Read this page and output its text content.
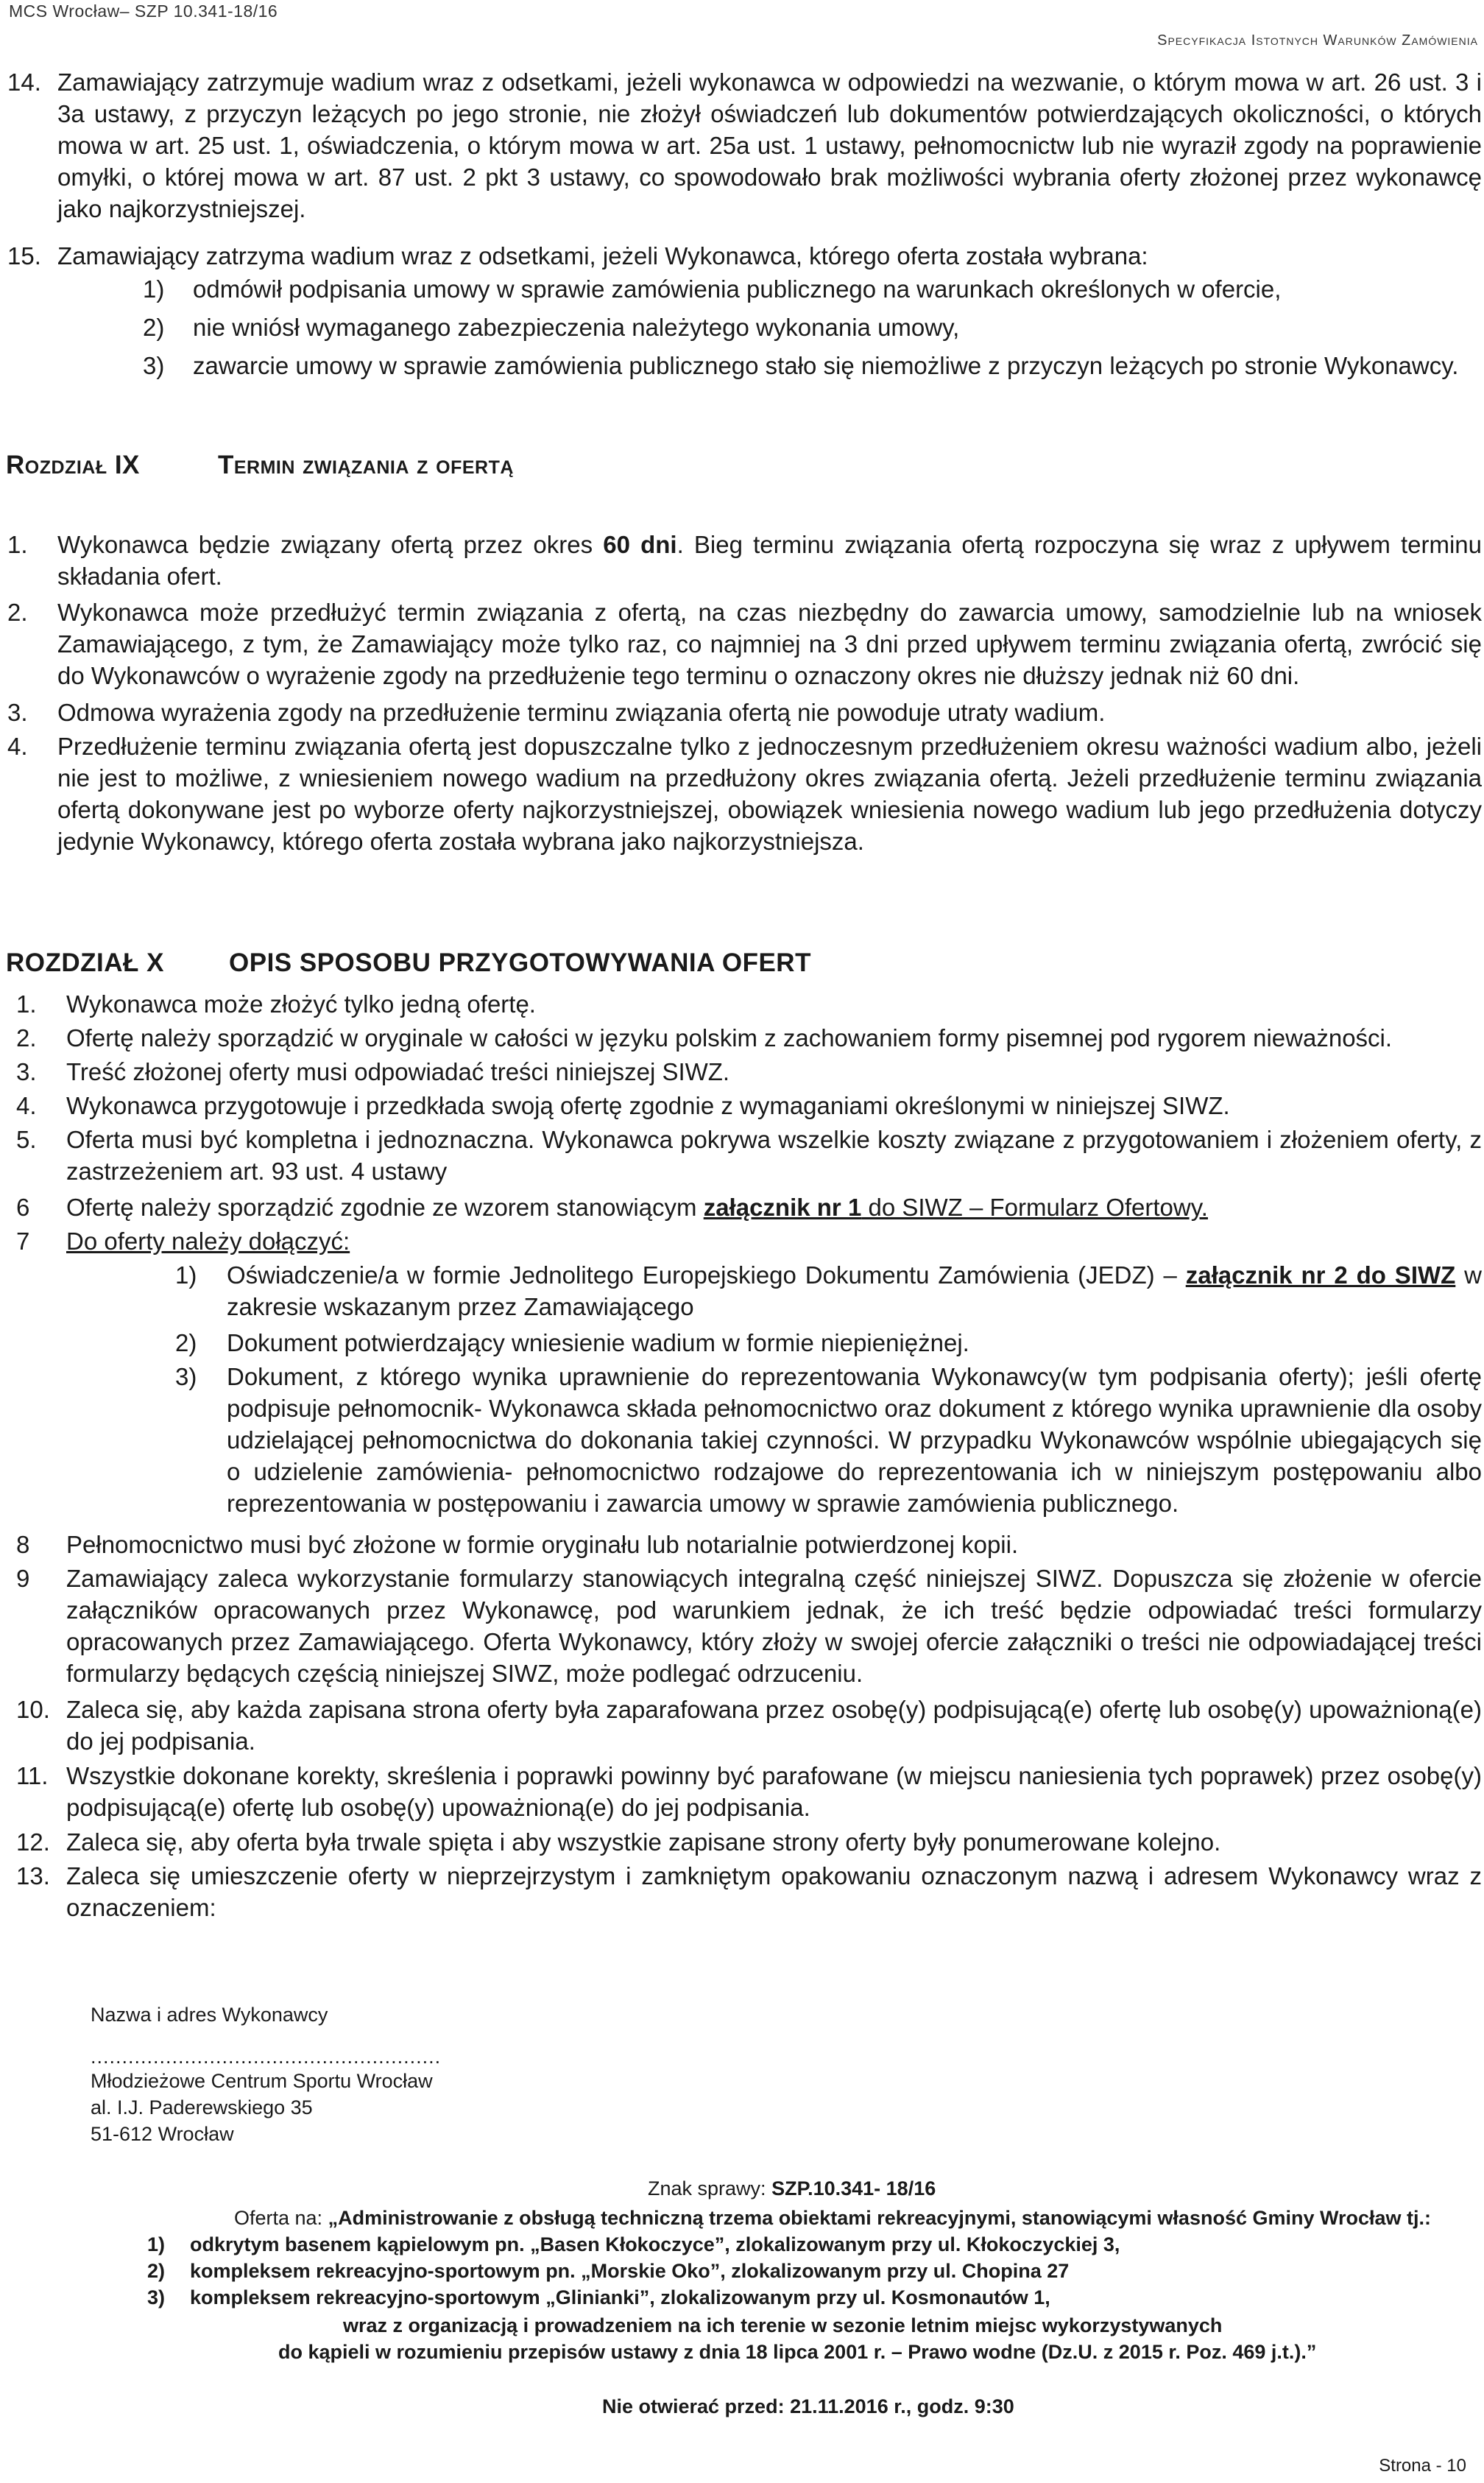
MCS Wrocław– SZP 10.341-18/16
Specyfikacja Istotnych Warunków Zamówienia
14. Zamawiający zatrzymuje wadium wraz z odsetkami, jeżeli wykonawca w odpowiedzi na wezwanie, o którym mowa w art. 26 ust. 3 i 3a ustawy, z przyczyn leżących po jego stronie, nie złożył oświadczeń lub dokumentów potwierdzających okoliczności, o których mowa w art. 25 ust. 1, oświadczenia, o którym mowa w art. 25a ust. 1 ustawy, pełnomocnictw lub nie wyraził zgody na poprawienie omyłki, o której mowa w art. 87 ust. 2 pkt 3 ustawy, co spowodowało brak możliwości wybrania oferty złożonej przez wykonawcę jako najkorzystniejszej.
15. Zamawiający zatrzyma wadium wraz z odsetkami, jeżeli Wykonawca, którego oferta została wybrana:
1) odmówił podpisania umowy w sprawie zamówienia publicznego na warunkach określonych w ofercie,
2) nie wniósł wymaganego zabezpieczenia należytego wykonania umowy,
3) zawarcie umowy w sprawie zamówienia publicznego stało się niemożliwe z przyczyn leżących po stronie Wykonawcy.
Rozdział IX	Termin związania z ofertą
1. Wykonawca będzie związany ofertą przez okres 60 dni. Bieg terminu związania ofertą rozpoczyna się wraz z upływem terminu składania ofert.
2. Wykonawca może przedłużyć termin związania z ofertą, na czas niezbędny do zawarcia umowy, samodzielnie lub na wniosek Zamawiającego, z tym, że Zamawiający może tylko raz, co najmniej na 3 dni przed upływem terminu związania ofertą, zwrócić się do Wykonawców o wyrażenie zgody na przedłużenie tego terminu o oznaczony okres nie dłuższy jednak niż 60 dni.
3. Odmowa wyrażenia zgody na przedłużenie terminu związania ofertą nie powoduje utraty wadium.
4. Przedłużenie terminu związania ofertą jest dopuszczalne tylko z jednoczesnym przedłużeniem okresu ważności wadium albo, jeżeli nie jest to możliwe, z wniesieniem nowego wadium na przedłużony okres związania ofertą. Jeżeli przedłużenie terminu związania ofertą dokonywane jest po wyborze oferty najkorzystniejszej, obowiązek wniesienia nowego wadium lub jego przedłużenia dotyczy jedynie Wykonawcy, którego oferta została wybrana jako najkorzystniejsza.
ROZDZIAŁ X	OPIS SPOSOBU PRZYGOTOWYWANIA OFERT
1. Wykonawca może złożyć tylko jedną ofertę.
2. Ofertę należy sporządzić w oryginale w całości w języku polskim z zachowaniem formy pisemnej pod rygorem nieważności.
3. Treść złożonej oferty musi odpowiadać treści niniejszej SIWZ.
4. Wykonawca przygotowuje i przedkłada swoją ofertę zgodnie z wymaganiami określonymi w niniejszej SIWZ.
5. Oferta musi być kompletna i jednoznaczna. Wykonawca pokrywa wszelkie koszty związane z przygotowaniem i złożeniem oferty, z zastrzeżeniem art. 93 ust. 4 ustawy
6 Ofertę należy sporządzić zgodnie ze wzorem stanowiącym załącznik nr 1 do SIWZ – Formularz Ofertowy.
7 Do oferty należy dołączyć:
1) Oświadczenie/a w formie Jednolitego Europejskiego Dokumentu Zamówienia (JEDZ) – załącznik nr 2 do SIWZ w zakresie wskazanym przez Zamawiającego
2) Dokument potwierdzający wniesienie wadium w formie niepieniężnej.
3) Dokument, z którego wynika uprawnienie do reprezentowania Wykonawcy(w tym podpisania oferty); jeśli ofertę podpisuje pełnomocnik- Wykonawca składa pełnomocnictwo oraz dokument z którego wynika uprawnienie dla osoby udzielającej pełnomocnictwa do dokonania takiej czynności. W przypadku Wykonawców wspólnie ubiegających się o udzielenie zamówienia- pełnomocnictwo rodzajowe do reprezentowania ich w niniejszym postępowaniu albo reprezentowania w postępowaniu i zawarcia umowy w sprawie zamówienia publicznego.
8 Pełnomocnictwo musi być złożone w formie oryginału lub notarialnie potwierdzonej kopii.
9 Zamawiający zaleca wykorzystanie formularzy stanowiących integralną część niniejszej SIWZ. Dopuszcza się złożenie w ofercie załączników opracowanych przez Wykonawcę, pod warunkiem jednak, że ich treść będzie odpowiadać treści formularzy opracowanych przez Zamawiającego. Oferta Wykonawcy, który złoży w swojej ofercie załączniki o treści nie odpowiadającej treści formularzy będących częścią niniejszej SIWZ, może podlegać odrzuceniu.
10. Zaleca się, aby każda zapisana strona oferty była zaparafowana przez osobę(y) podpisującą(e) ofertę lub osobę(y) upoważnioną(e) do jej podpisania.
11. Wszystkie dokonane korekty, skreślenia i poprawki powinny być parafowane (w miejscu naniesienia tych poprawek) przez osobę(y) podpisującą(e) ofertę lub osobę(y) upoważnioną(e) do jej podpisania.
12. Zaleca się, aby oferta była trwale spięta i aby wszystkie zapisane strony oferty były ponumerowane kolejno.
13. Zaleca się umieszczenie oferty w nieprzejrzystym i zamkniętym opakowaniu oznaczonym nazwą i adresem Wykonawcy wraz z oznaczeniem:
Nazwa i adres Wykonawcy
........................................................
Młodzieżowe Centrum Sportu Wrocław
al. I.J. Paderewskiego 35
51-612 Wrocław
Znak sprawy: SZP.10.341- 18/16
Oferta na: „Administrowanie z obsługą techniczną trzema obiektami rekreacyjnymi, stanowiącymi własność Gminy Wrocław tj.:
1) odkrytym basenem kąpielowym pn. „Basen Kłokoczyce”, zlokalizowanym przy ul. Kłokoczyckiej 3,
2) kompleksem rekreacyjno-sportowym pn. „Morskie Oko”, zlokalizowanym przy ul. Chopina 27
3) kompleksem rekreacyjno-sportowym „Glinianki”, zlokalizowanym przy ul. Kosmonautów 1,
wraz z organizacją i prowadzeniem na ich terenie w sezonie letnim miejsc wykorzystywanych
do kąpieli w rozumieniu przepisów ustawy z dnia 18 lipca 2001 r. – Prawo wodne (Dz.U. z 2015 r. Poz. 469 j.t.).”
Nie otwierać przed: 21.11.2016 r., godz. 9:30
Strona - 10
